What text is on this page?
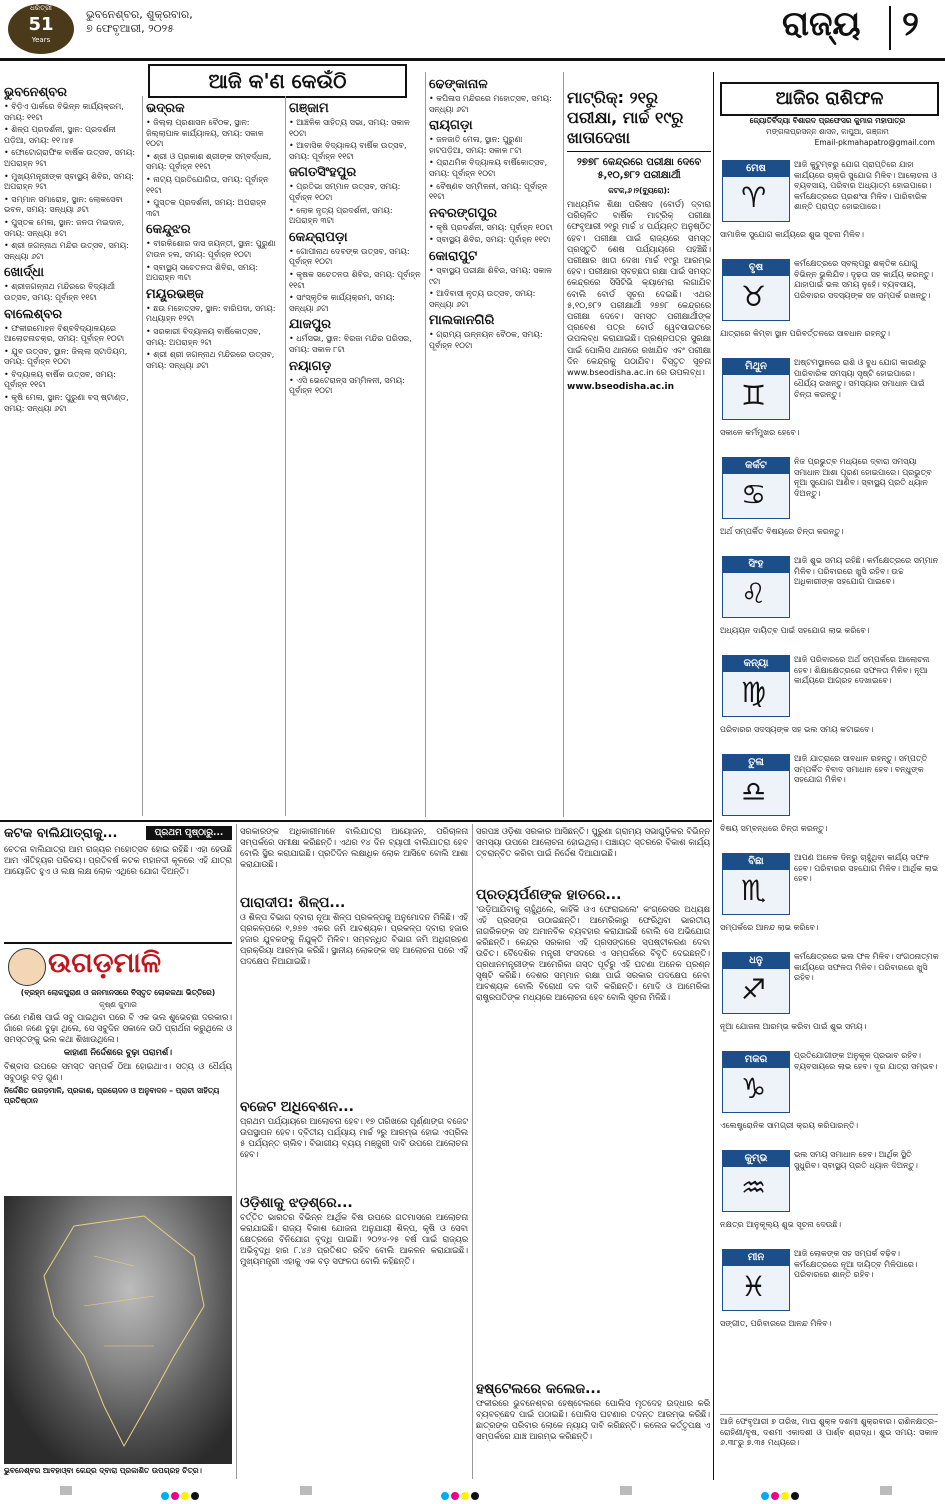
ଧରିତ୍ରୀ
51
Years
ଭୁବନେଶ୍ବର, ଶୁକ୍ରବାର,
୭ ଫେବୃଆରୀ, ୨୦୨୫	ରାଜ୍ୟ ୨
ଆଜି କ'ଣ କେଉଁଠି
ଭୁବନେଶ୍ବର
• ବିଡ଼ିଏ ପାର୍କରେ ବିଭିନ୍ନ କାର୍ଯ୍ୟକ୍ରମ, ସମୟ: ୧୧ଟା
• ଶିଳ୍ପ ପ୍ରଦର୍ଶନୀ, ସ୍ଥାନ: ପ୍ରଦର୍ଶନୀ ପଡ଼ିଆ, ସମୟ: ୧୧।୪୫
• ଫୋଟୋଗ୍ରାଫିକ ବାର୍ଷିକ ଉତ୍ସବ, ସମୟ: ଅପରାହ୍ନ ୨ଟା
• ମୁଖ୍ୟମନ୍ତ୍ରୀଙ୍କ ସ୍ବାସ୍ଥ୍ୟ ଶିବିର, ସମୟ: ଅପରାହ୍ନ ୨ଟା
• ସମ୍ମାନ ସମାରୋହ, ସ୍ଥାନ: ଲୋକସେବା ଭବନ, ସମୟ: ସନ୍ଧ୍ୟା ୬ଟା
• ପୁସ୍ତକ ମେଳା, ସ୍ଥାନ: ଜନତା ମଇଦାନ, ସମୟ: ସନ୍ଧ୍ୟା ୫ଟା
• ଶ୍ରୀ ଜଗନ୍ନାଥ ମନ୍ଦିର ଉତ୍ସବ, ସମୟ: ସନ୍ଧ୍ୟା ୬ଟା
ଖୋର୍ଦ୍ଧା
• ଶ୍ରୀଜଗନ୍ନାଥ ମନ୍ଦିରରେ ବିଦ୍ୟାର୍ଥୀ ଉତ୍ସବ, ସମୟ: ପୂର୍ବାହ୍ନ ୧୧ଟା
ବାଲେଶ୍ବର
• ଫକୀରମୋହନ ବିଶ୍ବବିଦ୍ୟାଳୟରେ ଆଲୋଚନାଚକ୍ର, ସମୟ: ପୂର୍ବାହ୍ନ ୧୦ଟା
• ଯୁବ ଉତ୍ସବ, ସ୍ଥାନ: ଜିଲ୍ଲା ସ୍ଟାଡିୟମ, ସମୟ: ପୂର୍ବାହ୍ନ ୧୦ଟା
• ବିଦ୍ୟାଳୟ ବାର୍ଷିକ ଉତ୍ସବ, ସମୟ: ପୂର୍ବାହ୍ନ ୧୧ଟା
• କୃଷି ମେଳା, ସ୍ଥାନ: ପୁରୁଣା ବସ୍ ଷ୍ଟାଣ୍ଡ, ସମୟ: ସନ୍ଧ୍ୟା ୬ଟା
ଭଦ୍ରକ
• ଜିଲ୍ଲା ପ୍ରଶାସନ ବୈଠକ, ସ୍ଥାନ: ଜିଲ୍ଲାପାଳ କାର୍ଯ୍ୟାଳୟ, ସମୟ: ସକାଳ ୧୦ଟା
• ଶ୍ରୀ ଓ ପ୍ରକାଶ ଶ୍ରୀଙ୍କ ସମ୍ବର୍ଦ୍ଧନା, ସମୟ: ପୂର୍ବାହ୍ନ ୧୧ଟା
• ନାଟ୍ୟ ପ୍ରତିଯୋଗିତା, ସମୟ: ପୂର୍ବାହ୍ନ ୧୧ଟା
• ପୁସ୍ତକ ପ୍ରଦର୍ଶନୀ, ସମୟ: ଅପରାହ୍ନ ୩ଟା
କେନ୍ଦୁଝର
• ବୀରକିଶୋର ଦାସ ଜୟନ୍ତୀ, ସ୍ଥାନ: ପୁରୁଣା ଟାଉନ ହଲ, ସମୟ: ପୂର୍ବାହ୍ନ ୧୦ଟା
• ସ୍ବାସ୍ଥ୍ୟ ସଚେତନତା ଶିବିର, ସମୟ: ଅପରାହ୍ନ ୩ଟା
ମୟୂରଭଞ୍ଜ
• ଛଉ ମହୋତ୍ସବ, ସ୍ଥାନ: ବାରିପଦା, ସମୟ: ମଧ୍ୟାହ୍ନ ୧୨ଟା
• ସରକାରୀ ବିଦ୍ୟାଳୟ ବାର୍ଷିକୋତ୍ସବ, ସମୟ: ଅପରାହ୍ନ ୨ଟା
• ଶ୍ରୀ ଶ୍ରୀ ଜଗନ୍ନାଥ ମନ୍ଦିରରେ ଉତ୍ସବ, ସମୟ: ସନ୍ଧ୍ୟା ୬ଟା
ଗଞ୍ଜାମ
• ଆଞ୍ଚଳିକ ସାହିତ୍ୟ ସଭା, ସମୟ: ସକାଳ ୧୦ଟା
• ଆବାସିକ ବିଦ୍ୟାଳୟ ବାର୍ଷିକ ଉତ୍ସବ, ସମୟ: ପୂର୍ବାହ୍ନ ୧୧ଟା
ଜଗତସିଂହପୁର
• ପ୍ରତିଭା ସମ୍ମାନ ଉତ୍ସବ, ସମୟ: ପୂର୍ବାହ୍ନ ୧୦ଟା
• ଲୋକ ନୃତ୍ୟ ପ୍ରଦର୍ଶନୀ, ସମୟ: ଅପରାହ୍ନ ୩ଟା
କେନ୍ଦ୍ରାପଡ଼ା
• ଗୋପୀନାଥ ଦେବଙ୍କ ଉତ୍ସବ, ସମୟ: ପୂର୍ବାହ୍ନ ୧୦ଟା
• କୃଷକ ସଚେତନତା ଶିବିର, ସମୟ: ପୂର୍ବାହ୍ନ ୧୧ଟା
• ସାଂସ୍କୃତିକ କାର୍ଯ୍ୟକ୍ରମ, ସମୟ: ସନ୍ଧ୍ୟା ୬ଟା
ଯାଜପୁର
• ଧର୍ମସଭା, ସ୍ଥାନ: ବିରଜା ମନ୍ଦିର ପରିସର, ସମୟ: ସକାଳ ୮ଟା
ନୟାଗଡ଼
• ଏସି ଭେଟେରାନ୍ସ ସମ୍ମିଳନୀ, ସମୟ: ପୂର୍ବାହ୍ନ ୧୦ଟା
ଢେଙ୍କାନାଳ
• କପିଳାସ ମନ୍ଦିରରେ ମହୋତ୍ସବ, ସମୟ: ସନ୍ଧ୍ୟା ୬ଟା
ରାୟଗଡ଼ା
• ଜନଜାତି ମେଳା, ସ୍ଥାନ: ପୁରୁଣା ହାଟପଡ଼ିଆ, ସମୟ: ସକାଳ ୮ଟା
• ପ୍ରାଥମିକ ବିଦ୍ୟାଳୟ ବାର୍ଷିକୋତ୍ସବ, ସମୟ: ପୂର୍ବାହ୍ନ ୧୦ଟା
• ବୈଷ୍ଣବ ସମ୍ମିଳନୀ, ସମୟ: ପୂର୍ବାହ୍ନ ୧୧ଟା
ନବରଙ୍ଗପୁର
• କୃଷି ପ୍ରଦର୍ଶନୀ, ସମୟ: ପୂର୍ବାହ୍ନ ୧୦ଟା
• ସ୍ବାସ୍ଥ୍ୟ ଶିବିର, ସମୟ: ପୂର୍ବାହ୍ନ ୧୧ଟା
କୋରାପୁଟ
• ସ୍ବାସ୍ଥ୍ୟ ପରୀକ୍ଷା ଶିବିର, ସମୟ: ସକାଳ ୯ଟା
• ଆଦିବାସୀ ନୃତ୍ୟ ଉତ୍ସବ, ସମୟ: ସନ୍ଧ୍ୟା ୬ଟା
ମାଲକାନଗିରି
• ଗ୍ରାମ୍ୟ ଉନ୍ନୟନ ବୈଠକ, ସମୟ: ପୂର୍ବାହ୍ନ ୧୦ଟା
ମାଟ୍ରିକ୍: ୨୧ରୁ ପରୀକ୍ଷା, ମାର୍ଚ୍ଚ ୧୯ରୁ ଖାତାଦେଖା
୨୭୭୮ କେନ୍ଦ୍ରରେ ପରୀକ୍ଷା ଦେବେ ୫,୧୦,୭୮୨ ପରୀକ୍ଷାର୍ଥୀ
କଟକ,୬।୨(ବ୍ୟୁରୋ):
ମାଧ୍ୟମିକ ଶିକ୍ଷା ପରିଷଦ (ବୋର୍ଡ) ଦ୍ବାରା ପରିଚାଳିତ ବାର୍ଷିକ ମାଟ୍ରିକ୍ ପରୀକ୍ଷା ଫେବୃଆରୀ ୨୧ରୁ ମାର୍ଚ୍ଚ ୪ ପର୍ଯ୍ୟନ୍ତ ଅନୁଷ୍ଠିତ ହେବ। ପରୀକ୍ଷା ପାଇଁ ରାଜ୍ୟରେ ସମସ୍ତ ପ୍ରସ୍ତୁତି ଶେଷ ପର୍ଯ୍ୟାୟରେ ପହଞ୍ଚିଛି। ପରୀକ୍ଷାର ଖାତା ଦେଖା ମାର୍ଚ୍ଚ ୧୯ରୁ ଆରମ୍ଭ ହେବ। ପରୀକ୍ଷାର ସ୍ବଚ୍ଛତା ରକ୍ଷା ପାଇଁ ସମସ୍ତ କେନ୍ଦ୍ରରେ ସିସିଟିଭି କ୍ୟାମେରା ଲଗାଯିବ ବୋଲି ବୋର୍ଡ ସୂଚନା ଦେଇଛି। ଏଥର ୫,୧୦,୭୮୨ ପରୀକ୍ଷାର୍ଥୀ ୨୭୭୮ କେନ୍ଦ୍ରରେ ପରୀକ୍ଷା ଦେବେ। ସମସ୍ତ ପରୀକ୍ଷାର୍ଥୀଙ୍କ ପ୍ରବେଶ ପତ୍ର ବୋର୍ଡ ୱେବସାଇଟରେ ଉପଲବ୍ଧ କରାଯାଇଛି। ପ୍ରଶ୍ନପତ୍ର ସୁରକ୍ଷା ପାଇଁ ପୋଲିସ ଥାନାରେ ରଖାଯିବ ଏବଂ ପରୀକ୍ଷା ଦିନ କେନ୍ଦ୍ରକୁ ପଠାଯିବ। ବିସ୍ତୃତ ସୂଚନା www.bseodisha.ac.in ରେ ଉପଲବ୍ଧ।
www.bseodisha.ac.in
କଟକ ବାଲିଯାତ୍ରାକୁ...
ଚେତନା ବାଲିଯାତ୍ରା ଆମ ରାଜ୍ୟର ମହୋତ୍ସବ ହୋଇ ରହିଛି। ଏହା ହେଉଛି ଆମ ଐତିହ୍ୟର ପରିଚୟ। ପ୍ରତିବର୍ଷ କଟକ ମହାନଦୀ କୂଳରେ ଏହି ଯାତ୍ରା ଆୟୋଜିତ ହୁଏ ଓ ଲକ୍ଷ ଲକ୍ଷ ଲୋକ ଏଥିରେ ଯୋଗ ଦିଅନ୍ତି।
ଉଗଡ଼ମାଳି
(ବ୍ରହ୍ମ ଲୋକପୁରାଣ ଓ ଜନମାନସରେ ବିସ୍ତୃତ ଲୋକକଥା ଭିତ୍ତିରେ)
କୃଷ୍ଣ କୁମାର
ଜଣେ ମଣିଷ ପାଇଁ ସବୁ ପାଇଥିବା ପରେ ବି ଏକ ଭଲ ଶୁଭେଚ୍ଛା ଦରକାର। ଗାଁରେ ଜଣେ ବୁଢ଼ା ଥିଲେ, ସେ ସବୁଦିନ ସକାଳେ ଉଠି ପ୍ରାର୍ଥନା କରୁଥିଲେ ଓ ସମସ୍ତଙ୍କୁ ଭଲ କଥା ଶିଖାଉଥିଲେ।
କାହାଣୀ ନିର୍ଦ୍ଦେଶରେ ବୁଢ଼ା ପରାମର୍ଶ।
ବିଶ୍ବାସ ଉପରେ ସମସ୍ତ ସମ୍ପର୍କ ଠିଆ ହୋଇଥାଏ। ସତ୍ୟ ଓ ଧୈର୍ଯ୍ୟ ସବୁଠାରୁ ବଡ଼ ଗୁଣ।
ନିର୍ଦ୍ଦେଶିତ ଉଗଡ଼ମାଳି, ପ୍ରକାଶ, ପ୍ରଚୋଦନ ଓ ଅନୁବାଦନ – ପ୍ରାଚୀ ସାହିତ୍ୟ ପ୍ରତିଷ୍ଠାନ
ଭୁବନେଶ୍ବର ଆବହାଓ୍ବା କେନ୍ଦ୍ର ଦ୍ବାରା ପ୍ରକାଶିତ ଉପଗ୍ରହ ଚିତ୍ର।
ପ୍ରଥମ ପୃଷ୍ଠାରୁ...	ସରକାରଙ୍କ ଅଧିକାରୀମାନେ ବାଲିଯାତ୍ରା ଆୟୋଜନ, ପରିଚାଳନା ସମ୍ପର୍କରେ ସମୀକ୍ଷା କରିଛନ୍ତି। ଏଥର ୧୪ ଦିନ ବ୍ୟାପୀ ବାଲିଯାତ୍ରା ହେବ ବୋଲି ସ୍ଥିର କରାଯାଇଛି। ପ୍ରତିଦିନ ଲକ୍ଷାଧିକ ଲୋକ ଆସିବେ ବୋଲି ଆଶା କରାଯାଉଛି।
ପାରାଦୀପ: ଶିଳ୍ପ...
ଓ ଶିଳ୍ପ ବିଭାଗ ଦ୍ବାରା ନୂଆ ଶିଳ୍ପ ପ୍ରକଳ୍ପକୁ ଅନୁମୋଦନ ମିଳିଛି। ଏହି ପ୍ରକଳ୍ପରେ ୧,୭୭୭ ଏକର ଜମି ଆବଶ୍ୟକ। ପ୍ରକଳ୍ପ ଦ୍ବାରା ହଜାର ହଜାର ଯୁବକଙ୍କୁ ନିଯୁକ୍ତି ମିଳିବ। ସମ୍ବନ୍ଧିତ ବିଭାଗ ଜମି ଅଧିଗ୍ରହଣ ପ୍ରକ୍ରିୟା ଆରମ୍ଭ କରିଛି। ସ୍ଥାନୀୟ ଲୋକଙ୍କ ସହ ଆଲୋଚନା ପରେ ଏହି ପଦକ୍ଷେପ ନିଆଯାଇଛି।
ବଜେଟ ଅଧିବେଶନ...
ପ୍ରଥମ ପର୍ଯ୍ୟାୟରେ ଆଲୋଚନା ହେବ। ୧୭ ତାରିଖରେ ପୂର୍ଣ୍ଣାଙ୍ଗ ବଜେଟ ଉପସ୍ଥାପନ ହେବ। ଦ୍ବିତୀୟ ପର୍ଯ୍ୟାୟ ମାର୍ଚ୍ଚ ୨ରୁ ଆରମ୍ଭ ହୋଇ ଏପ୍ରିଲ ୫ ପର୍ଯ୍ୟନ୍ତ ଚାଲିବ। ବିଭାଗୀୟ ବ୍ୟୟ ମଞ୍ଜୁରୀ ଦାବି ଉପରେ ଆଲୋଚନା ହେବ।
ଓଡ଼ିଶାକୁ ଝଡ଼ଶ୍ରେ...
ବର୍ତ୍ତିତ ଭାରତର ବିଭିନ୍ନ ଆର୍ଥିକ ବିଷ ଉପରେ ଗତମାସରେ ଆଲୋଚନା କରାଯାଇଛି। ରାଜ୍ୟ ବିକାଶ ଯୋଜନା ଅନୁଯାୟୀ ଶିଳ୍ପ, କୃଷି ଓ ସେବା କ୍ଷେତ୍ରରେ ବିନିଯୋଗ ବୃଦ୍ଧି ପାଇଛି। ୨୦୨୪-୨୫ ବର୍ଷ ପାଇଁ ରାଜ୍ୟର ଅଭିବୃଦ୍ଧି ହାର ୮.୪୬ ପ୍ରତିଶତ ରହିବ ବୋଲି ଆକଳନ କରାଯାଇଛି। ମୁଖ୍ୟମନ୍ତ୍ରୀ ଏହାକୁ ଏକ ବଡ଼ ସଫଳତା ବୋଲି କହିଛନ୍ତି।
ସରପଞ୍ଚ ଓଡ଼ିଶା ସରକାର ଆସିଛନ୍ତି। ପୁରୁଣା ଗ୍ରାମ୍ୟ ସଭାଗୁଡ଼ିକର ବିଭିନ୍ନ ସମସ୍ୟା ଉପରେ ଆଲୋଚନା ହୋଇଥିଲା। ପଞ୍ଚାୟତ ସ୍ତରରେ ବିକାଶ କାର୍ଯ୍ୟ ତ୍ବରାନ୍ବିତ କରିବା ପାଇଁ ନିର୍ଦ୍ଦେଶ ଦିଆଯାଇଛି।
ପ୍ରତ୍ୟର୍ପଣଙ୍କ ହାତରେ...
'ଉଡ଼ିଆଯିବାକୁ ଚାହୁଁଥିଲେ, କାହିଁକି ଓଏ ଫେରାଇଲେ' କଂଗ୍ରେସର ଅଧ୍ୟକ୍ଷ ଏହି ପ୍ରସଙ୍ଗ ଉଠାଇଛନ୍ତି। ଆମେରିକାରୁ ଫେରିଥିବା ଭାରତୀୟ ନାଗରିକଙ୍କ ସହ ଅମାନବିକ ବ୍ୟବହାର କରାଯାଇଛି ବୋଲି ସେ ଅଭିଯୋଗ କରିଛନ୍ତି। କେନ୍ଦ୍ର ସରକାର ଏହି ପ୍ରସଙ୍ଗରେ ସ୍ପଷ୍ଟୀକରଣ ଦେବା ଉଚିତ। ବୈଦେଶିକ ମନ୍ତ୍ରୀ ସଂସଦରେ ଏ ସମ୍ପର୍କରେ ବିବୃତି ଦେଇଛନ୍ତି। ପ୍ରଧାନମନ୍ତ୍ରୀଙ୍କ ଆମେରିକା ଗସ୍ତ ପୂର୍ବରୁ ଏହି ଘଟଣା ଅନେକ ପ୍ରଶ୍ନ ସୃଷ୍ଟି କରିଛି। ଦେଶର ସମ୍ମାନ ରକ୍ଷା ପାଇଁ ସରକାର ପଦକ୍ଷେପ ନେବା ଆବଶ୍ୟକ ବୋଲି ବିରୋଧୀ ଦଳ ଦାବି କରିଛନ୍ତି। ମୋଦି ଓ ଆମେରିକା ରାଷ୍ଟ୍ରପତିଙ୍କ ମଧ୍ୟରେ ଆଲୋଚନା ହେବ ବୋଲି ସୂଚନା ମିଳିଛି।
ହଷ୍ଟେଲରେ କଲେଜ...
ଫକୀରରେ ଭୁବନେଶ୍ବର ହେଷ୍ଟେଲରେ ପୋଲିସ ମୃତଦେହ ଉଦ୍ଧାର କରି ବ୍ୟବଚ୍ଛେଦ ପାଇଁ ପଠାଇଛି। ପୋଲିସ ଘଟଣାର ତଦନ୍ତ ଆରମ୍ଭ କରିଛି। ଛାତ୍ରଙ୍କ ପରିବାର ଲୋକେ ନ୍ୟାୟ ଦାବି କରିଛନ୍ତି। କଲେଜ କର୍ତ୍ତୃପକ୍ଷ ଏ ସମ୍ପର୍କରେ ଯାଞ୍ଚ ଆରମ୍ଭ କରିଛନ୍ତି।
ଆଜିର ରାଶିଫଳ
ଜ୍ୟୋତିର୍ବିଦ୍ୟା ବିଶାରଦ ପ୍ରଫେସର କୁମାର ମହାପାତ୍ର
ମଙ୍ଗଳାପ୍ରସନ୍ନ ଶାସନ, କାପୁଆ, ଗଞ୍ଜାମ
Email-pkmahapatro@gmail.com
ମେଷ
♈
ଆଜି କୁଟୁମ୍ବରୁ ଯୋଗ ପ୍ରାପ୍ତିରେ ଯାହା କାର୍ଯ୍ୟରେ ଚାକ୍ରି ସୁଯୋଗ ମିଳିବ। ଆଲୋଚନା ଓ ବ୍ୟବସାୟ, ପରିବାର ଅଧ୍ୟାତ୍ମ ହୋଇପାରେ। କର୍ମକ୍ଷେତ୍ରରେ ପ୍ରଶଂସା ମିଳିବ। ପାରିବାରିକ ଶାନ୍ତି ପ୍ରାପ୍ତ ହୋଇପାରେ।
ସାମାଜିକ ସୁଯୋଗ କାର୍ଯ୍ୟରେ ଶୁଭ ସୂଚନା ମିଳିବ।
ବୃଷ
♉
କର୍ମକ୍ଷେତ୍ରରେ ସ୍ବଲ୍ପରୁ ଶକ୍ତିକ ଯୋଗୁ ବିଭିନ୍ନ ଭୁଲିଯିବ। ଦୃଢ଼ତା ସହ କାର୍ଯ୍ୟ କରନ୍ତୁ। ଯାହାପାଇଁ ଭଲ ସମୟ ନୁହେଁ। ବ୍ୟବସାୟ, ପରିବାରର ସଦସ୍ୟଙ୍କ ସହ ସମ୍ପର୍କ ରଖନ୍ତୁ।
ଯାତ୍ରାରେ କିମ୍ବା ସ୍ଥାନ ପରିବର୍ତ୍ତନରେ ସାବଧାନ ରହନ୍ତୁ।
ମିଥୁନ
♊
ଅଷ୍ଟମସ୍ଥାନରେ ରାଶି ଓ ବୁଧ ଯୋଗ କାରଣରୁ ପାରିବାରିକ ସମସ୍ୟା ସୃଷ୍ଟି ହୋଇପାରେ। ଧୈର୍ଯ୍ୟ ରଖନ୍ତୁ। ସମସ୍ୟାର ସମାଧାନ ପାଇଁ ଚିନ୍ତା କରନ୍ତୁ।
ସକାଳେ କର୍ମମୁଖର ହେବେ।
କର୍କଟ
♋
ନିଜ ପ୍ରଭୁତ୍ବ ମଧ୍ୟରେ ଦ୍ବାରା ସମସ୍ୟା ସମାଧାନ ଆଶା ପୂରଣ ହୋଇପାରେ। ପ୍ରଭୁତ୍ବ ନୂଆ ସୁଯୋଗ ଆଣିବ। ସ୍ବାସ୍ଥ୍ୟ ପ୍ରତି ଧ୍ୟାନ ଦିଅନ୍ତୁ।
ଅର୍ଥ ସମ୍ପର୍କିତ ବିଷୟରେ ଚିନ୍ତା କରନ୍ତୁ।
ସିଂହ
♌
ଆଜି ଶୁଭ ସମୟ ରହିଛି। କର୍ମକ୍ଷେତ୍ରରେ ସମ୍ମାନ ମିଳିବ। ପରିବାରରେ ଖୁସି ରହିବ। ଉଚ୍ଚ ଅଧିକାରୀଙ୍କ ସହଯୋଗ ପାଇବେ।
ଅଧ୍ୟୟନ ଦାୟିତ୍ବ ପାଇଁ ସହଯୋଗ ଲାଭ କରିବେ।
କନ୍ୟା
♍
ଆଜି ପରିବାରରେ ଅର୍ଥ ସମ୍ପର୍କରେ ଆଲୋଚନା ହେବ। ଶିକ୍ଷାକ୍ଷେତ୍ରରେ ସଫଳତା ମିଳିବ। ନୂଆ କାର୍ଯ୍ୟରେ ଆଗ୍ରହ ଦେଖାଇବେ।
ପରିବାରର ସଦସ୍ୟଙ୍କ ସହ ଭଲ ସମୟ କଟାଇବେ।
ତୁଳା
♎
ଆଜି ଯାତ୍ରାରେ ସାବଧାନ ରହନ୍ତୁ। ସମ୍ପତ୍ତି ସମ୍ପର୍କିତ ବିବାଦ ସମାଧାନ ହେବ। ବନ୍ଧୁଙ୍କ ସହଯୋଗ ମିଳିବ।
ବିଷୟ ସମ୍ବନ୍ଧରେ ଚିନ୍ତା କରନ୍ତୁ।
ବିଛା
♏
ଆପଣ ଅନେକ ଦିନରୁ ଚାହୁଁଥିବା କାର୍ଯ୍ୟ ସଫଳ ହେବ। ପରିବାରର ସହଯୋଗ ମିଳିବ। ଆର୍ଥିକ ଲାଭ ହେବ।
ସମ୍ପର୍କରେ ଆନନ୍ଦ ଲାଭ କରିବେ।
ଧନୁ
♐
କର୍ମକ୍ଷେତ୍ରରେ ଭଲ ଫଳ ମିଳିବ। ସଂଗଠନାତ୍ମକ କାର୍ଯ୍ୟରେ ସଫଳତା ମିଳିବ। ପରିବାରରେ ଖୁସି ରହିବ।
ନୂଆ ଯୋଜନା ଆରମ୍ଭ କରିବା ପାଇଁ ଶୁଭ ସମୟ।
ମକର
♑
ପ୍ରତିଯୋଗୀଙ୍କ ଅନୁକୂଳ ପ୍ରଭାବ ରହିବ। ବ୍ୟବସାୟରେ ଲାଭ ହେବ। ଦୂର ଯାତ୍ରା ସମ୍ଭବ।
ଏଲେଷ୍ଟ୍ରୋନିକ ସାମଗ୍ରୀ କ୍ରୟ କରିପାରନ୍ତି।
କୁମ୍ଭ
♒
ଭଲ ସମୟ ସମାଧାନ ହେବ। ଆର୍ଥିକ ସ୍ଥିତି ସୁଧୁରିବ। ସ୍ବାସ୍ଥ୍ୟ ପ୍ରତି ଧ୍ୟାନ ଦିଅନ୍ତୁ।
ନକ୍ଷତ୍ର ଆନୁକୂଲ୍ୟ ଶୁଭ ସୂଚନା ଦେଉଛି।
ମୀନ
♓
ଆଜି ଲୋକଙ୍କ ସହ ସମ୍ପର୍କ ବଢ଼ିବ। କର୍ମକ୍ଷେତ୍ରରେ ନୂଆ ଦାୟିତ୍ବ ମିଳିପାରେ। ପରିବାରରେ ଶାନ୍ତି ରହିବ।
ସଙ୍ଗୀତ, ପରିବାରରେ ଆନନ୍ଦ ମିଳିବ।
ଆଜି ଫେବୃଆରୀ ୭ ତାରିଖ, ମାଘ ଶୁକ୍ଳ ଦଶମୀ ଶୁକ୍ରବାର। ରାଶିନକ୍ଷତ୍ର–ରୋହିଣୀ/ବୃଷ, ଦଶମୀ ଏକାଦଶୀ ଓ ପାର୍ଶ୍ବ ଶ୍ରାଦ୍ଧ। ଶୁଭ ସମୟ: ସକାଳ ୬.୩୮ରୁ ୭.୩୫ ମଧ୍ୟରେ।
